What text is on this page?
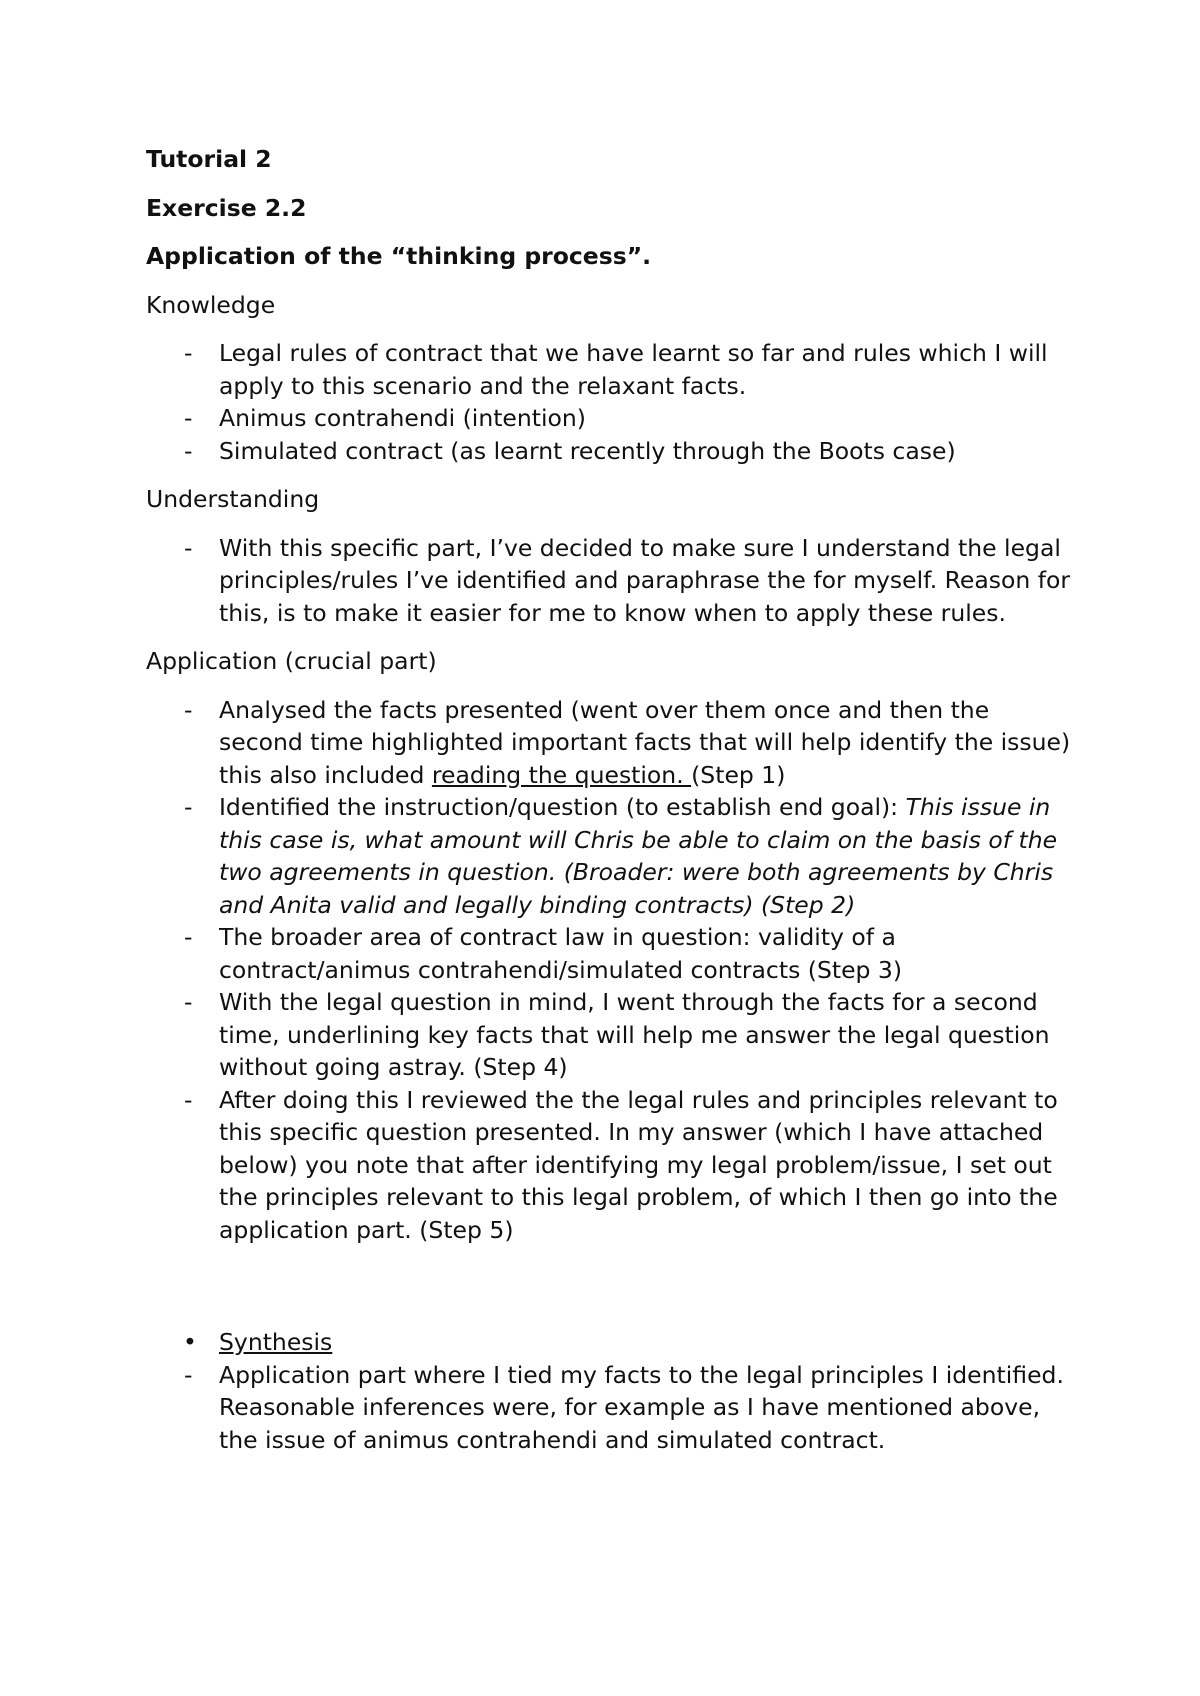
Tutorial 2

Exercise 2.2

Application of the “thinking process”.

Knowledge

- Legal rules of contract that we have learnt so far and rules which I will apply to this scenario and the relaxant facts.
- Animus contrahendi (intention)
- Simulated contract (as learnt recently through the Boots case)

Understanding

- With this specific part, I’ve decided to make sure I understand the legal principles/rules I’ve identified and paraphrase the for myself. Reason for this, is to make it easier for me to know when to apply these rules.

Application (crucial part)

- Analysed the facts presented (went over them once and then the second time highlighted important facts that will help identify the issue) this also included reading the question. (Step 1)
- Identified the instruction/question (to establish end goal): This issue in this case is, what amount will Chris be able to claim on the basis of the two agreements in question. (Broader: were both agreements by Chris and Anita valid and legally binding contracts) (Step 2)
- The broader area of contract law in question: validity of a contract/animus contrahendi/simulated contracts (Step 3)
- With the legal question in mind, I went through the facts for a second time, underlining key facts that will help me answer the legal question without going astray. (Step 4)
- After doing this I reviewed the the legal rules and principles relevant to this specific question presented. In my answer (which I have attached below) you note that after identifying my legal problem/issue, I set out the principles relevant to this legal problem, of which I then go into the application part. (Step 5)

• Synthesis

- Application part where I tied my facts to the legal principles I identified. Reasonable inferences were, for example as I have mentioned above, the issue of animus contrahendi and simulated contract.
